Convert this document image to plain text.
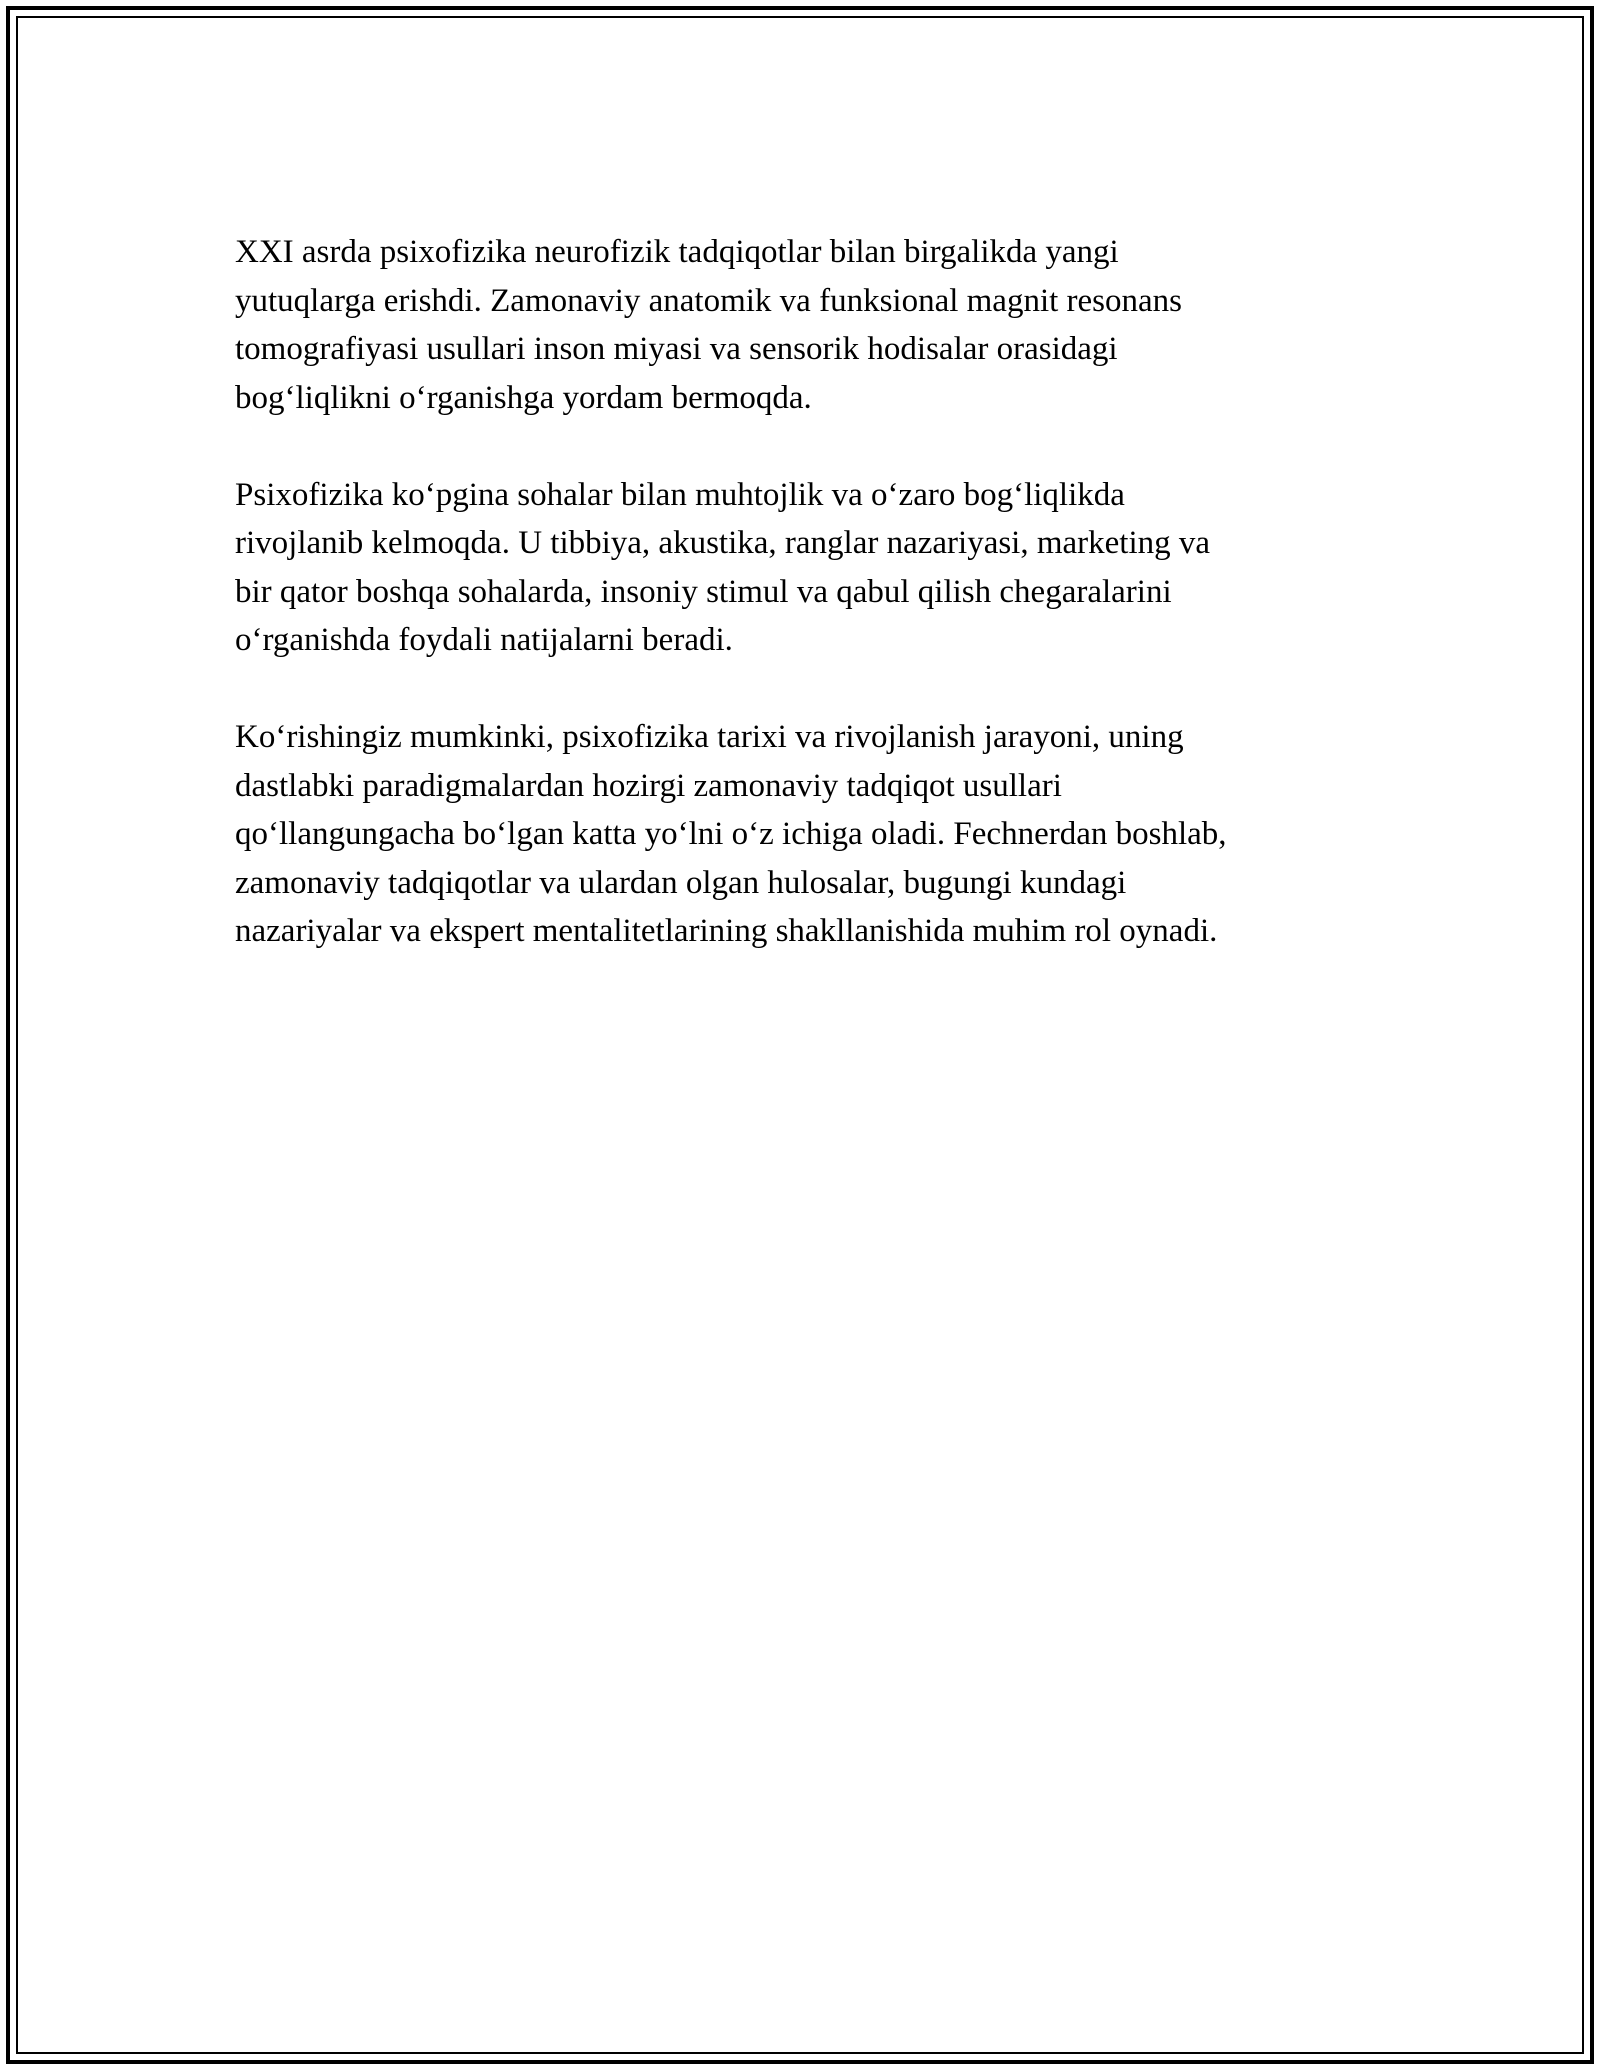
XXI asrda psixofizika neurofizik tadqiqotlar bilan birgalikda yangi
yutuqlarga erishdi. Zamonaviy anatomik va funksional magnit resonans
tomografiyasi usullari inson miyasi va sensorik hodisalar orasidagi
bogʻliqlikni oʻrganishga yordam bermoqda.

Psixofizika koʻpgina sohalar bilan muhtojlik va oʻzaro bogʻliqlikda
rivojlanib kelmoqda. U tibbiya, akustika, ranglar nazariyasi, marketing va
bir qator boshqa sohalarda, insoniy stimul va qabul qilish chegaralarini
oʻrganishda foydali natijalarni beradi.

Koʻrishingiz mumkinki, psixofizika tarixi va rivojlanish jarayoni, uning
dastlabki paradigmalardan hozirgi zamonaviy tadqiqot usullari
qoʻllangungacha boʻlgan katta yoʻlni oʻz ichiga oladi. Fechnerdan boshlab,
zamonaviy tadqiqotlar va ulardan olgan hulosalar, bugungi kundagi
nazariyalar va ekspert mentalitetlarining shakllanishida muhim rol oynadi.
